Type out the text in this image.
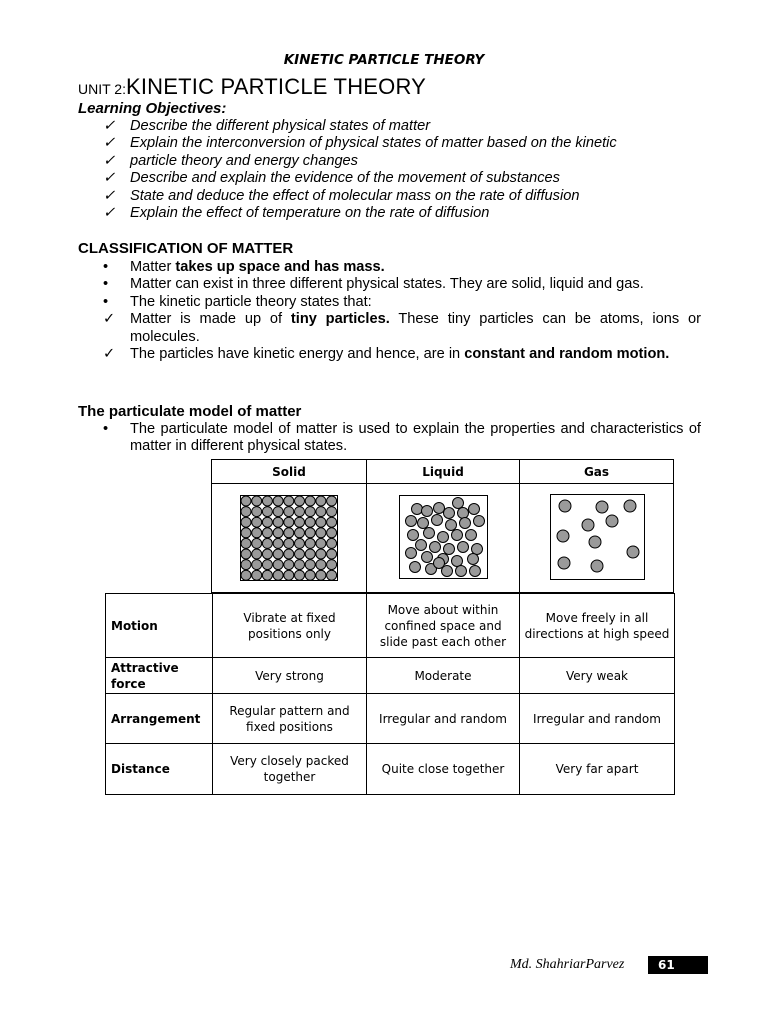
KINETIC PARTICLE THEORY
UNIT 2:KINETIC PARTICLE THEORY
Learning Objectives:
✓	Describe the different physical states of matter
✓	Explain the interconversion of physical states of matter based on the kinetic
✓	particle theory and energy changes
✓	Describe and explain the evidence of the movement of substances
✓	State and deduce the effect of molecular mass on the rate of diffusion
✓	Explain the effect of temperature on the rate of diffusion
CLASSIFICATION OF MATTER
•	Matter takes up space and has mass.
•	Matter can exist in three different physical states. They are solid, liquid and gas.
•	The kinetic particle theory states that:
✓	Matter is made up of tiny particles. These tiny particles can be atoms, ions or molecules.
✓	The particles have kinetic energy and hence, are in constant and random motion.
The particulate model of matter
•	The particulate model of matter is used to explain the properties and characteristics of matter in different physical states.
Solid	Liquid	Gas
Motion	Vibrate at fixed positions only	Move about within confined space and slide past each other	Move freely in all directions at high speed
Attractive force	Very strong	Moderate	Very weak
Arrangement	Regular pattern and fixed positions	Irregular and random	Irregular and random
Distance	Very closely packed together	Quite close together	Very far apart
Md. ShahriarParvez	61
